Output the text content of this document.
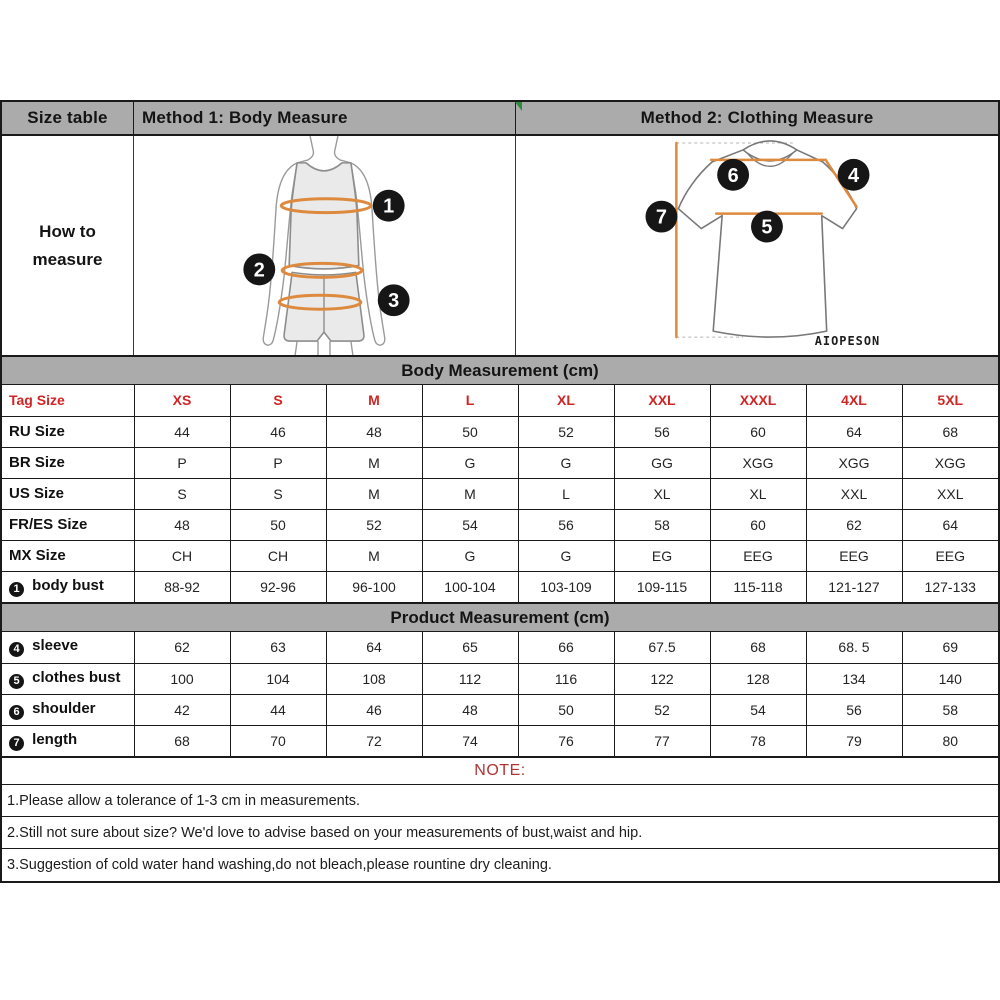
Size table	Method 1: Body Measure	Method 2: Clothing Measure
How to
measure
1
2
3
6	4
7	5
AIOPESON
Body Measurement (cm)
Tag Size	XS	S	M	L	XL	XXL	XXXL	4XL	5XL
RU Size	44	46	48	50	52	56	60	64	68
BR Size	P	P	M	G	G	GG	XGG	XGG	XGG
US Size	S	S	M	M	L	XL	XL	XXL	XXL
FR/ES Size	48	50	52	54	56	58	60	62	64
MX Size	CH	CH	M	G	G	EG	EEG	EEG	EEG
1 body bust	88-92	92-96	96-100	100-104	103-109	109-115	115-118	121-127	127-133
Product Measurement (cm)
4 sleeve	62	63	64	65	66	67.5	68	68. 5	69
5 clothes bust	100	104	108	112	116	122	128	134	140
6 shoulder	42	44	46	48	50	52	54	56	58
7 length	68	70	72	74	76	77	78	79	80
NOTE:
1.Please allow a tolerance of 1-3 cm in measurements.
2.Still not sure about size? We'd love to advise based on your measurements of bust,waist and hip.
3.Suggestion of cold water hand washing,do not bleach,please rountine dry cleaning.
